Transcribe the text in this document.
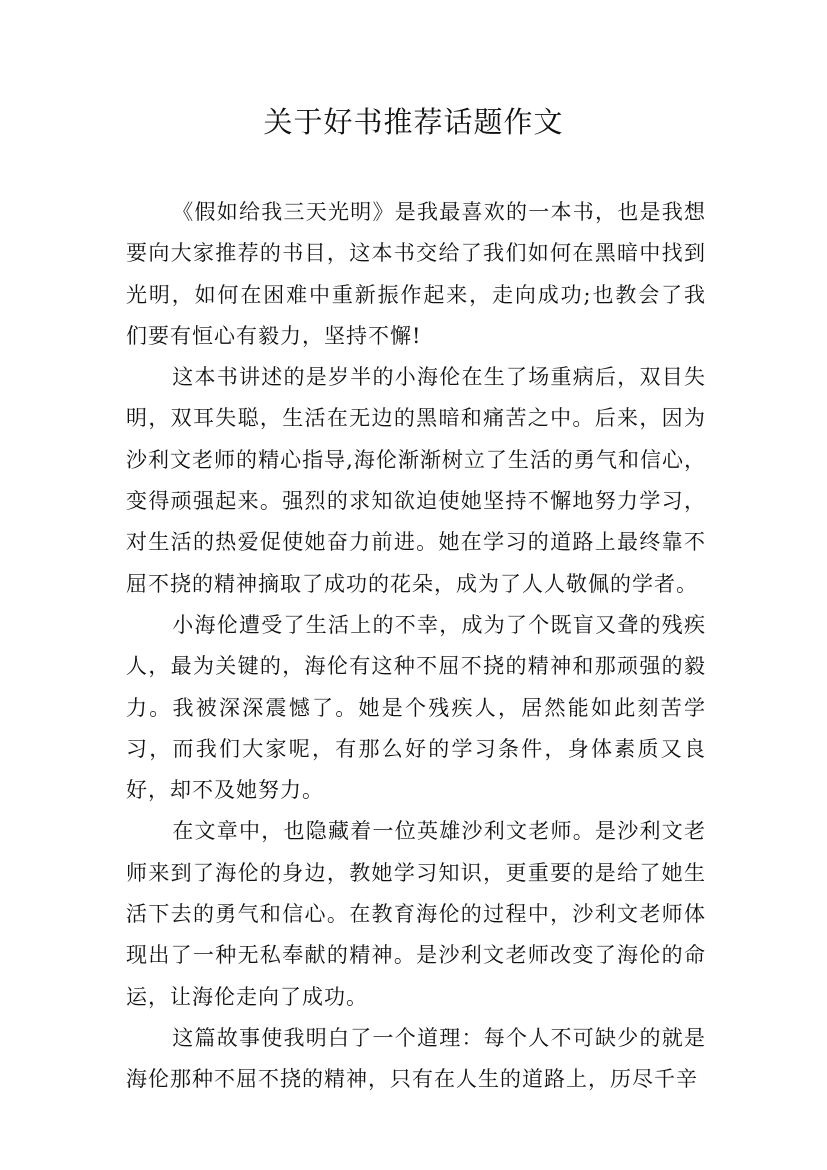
关于好书推荐话题作文

《假如给我三天光明》是我最喜欢的一本书，也是我想要向大家推荐的书目，这本书交给了我们如何在黑暗中找到光明，如何在困难中重新振作起来，走向成功;也教会了我们要有恒心有毅力，坚持不懈!

这本书讲述的是岁半的小海伦在生了场重病后，双目失明，双耳失聪，生活在无边的黑暗和痛苦之中。后来，因为沙利文老师的精心指导,海伦渐渐树立了生活的勇气和信心，变得顽强起来。强烈的求知欲迫使她坚持不懈地努力学习，对生活的热爱促使她奋力前进。她在学习的道路上最终靠不屈不挠的精神摘取了成功的花朵，成为了人人敬佩的学者。

小海伦遭受了生活上的不幸，成为了个既盲又聋的残疾人，最为关键的，海伦有这种不屈不挠的精神和那顽强的毅力。我被深深震憾了。她是个残疾人，居然能如此刻苦学习，而我们大家呢，有那么好的学习条件，身体素质又良好，却不及她努力。

在文章中，也隐藏着一位英雄沙利文老师。是沙利文老师来到了海伦的身边，教她学习知识，更重要的是给了她生活下去的勇气和信心。在教育海伦的过程中，沙利文老师体现出了一种无私奉献的精神。是沙利文老师改变了海伦的命运，让海伦走向了成功。

这篇故事使我明白了一个道理：每个人不可缺少的就是海伦那种不屈不挠的精神，只有在人生的道路上，历尽千辛
